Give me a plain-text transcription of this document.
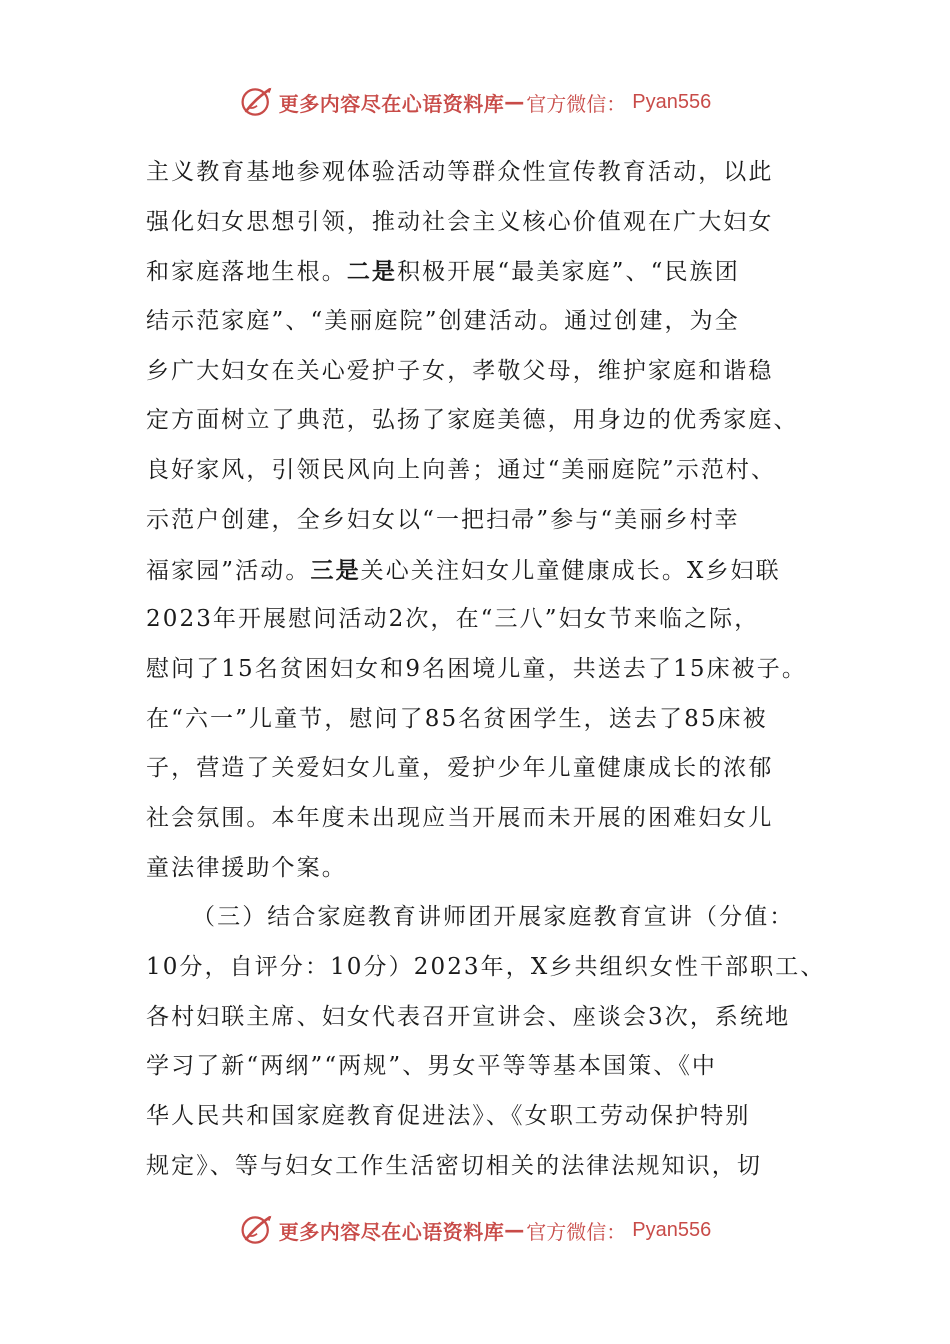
更多内容尽在心语资料库 — 官方微信： Pyan556
主义教育基地参观体验活动等群众性宣传教育活动，以此
强化妇女思想引领，推动社会主义核心价值观在广大妇女
和家庭落地生根。二是积极开展“最美家庭”、“民族团
结示范家庭”、“美丽庭院”创建活动。通过创建，为全
乡广大妇女在关心爱护子女，孝敬父母，维护家庭和谐稳
定方面树立了典范，弘扬了家庭美德，用身边的优秀家庭、
良好家风，引领民风向上向善；通过“美丽庭院”示范村、
示范户创建，全乡妇女以“一把扫帚”参与“美丽乡村幸
福家园”活动。三是关心关注妇女儿童健康成长。X乡妇联
2023年开展慰问活动2次，在“三八”妇女节来临之际，
慰问了15名贫困妇女和9名困境儿童，共送去了15床被子。
在“六一”儿童节，慰问了85名贫困学生，送去了85床被
子，营造了关爱妇女儿童，爱护少年儿童健康成长的浓郁
社会氛围。本年度未出现应当开展而未开展的困难妇女儿
童法律援助个案。
（三）结合家庭教育讲师团开展家庭教育宣讲（分值：
10分，自评分：10分）2023年，X乡共组织女性干部职工、
各村妇联主席、妇女代表召开宣讲会、座谈会3次，系统地
学习了新“两纲”“两规”、男女平等等基本国策、《中
华人民共和国家庭教育促进法》、《女职工劳动保护特别
规定》、等与妇女工作生活密切相关的法律法规知识，切
更多内容尽在心语资料库 — 官方微信： Pyan556
